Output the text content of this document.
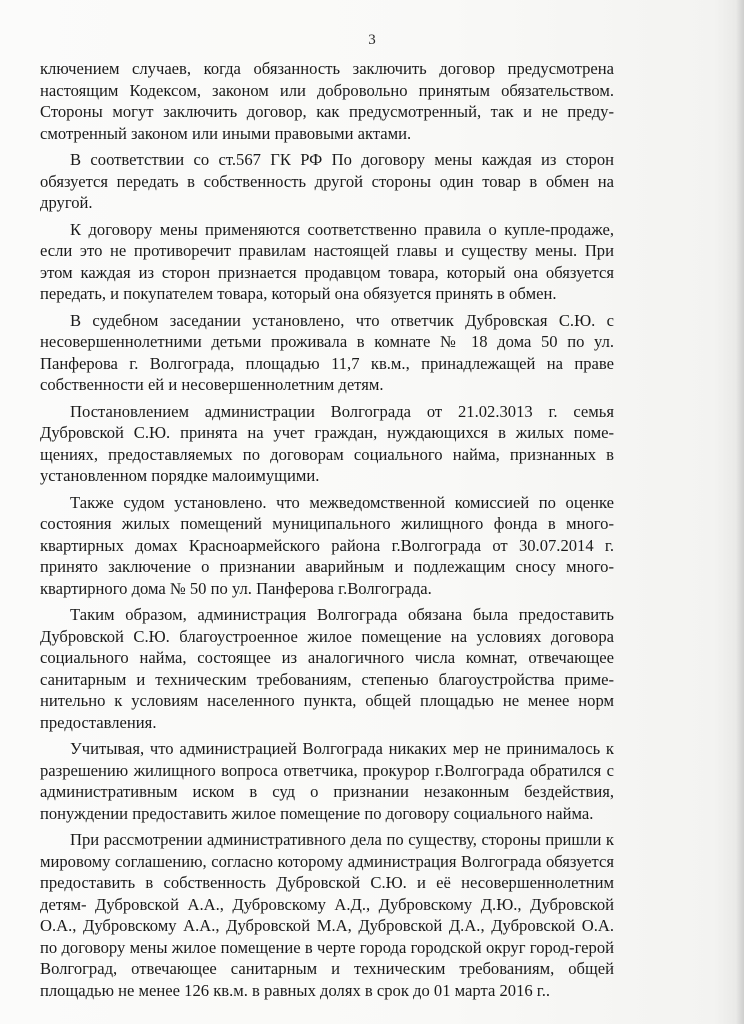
3

ключением случаев, когда обязанность заключить договор предусмотрена настоящим Кодексом, законом или добровольно принятым обязательством. Стороны могут заключить договор, как предусмотренный, так и не предусмотренный законом или иными правовыми актами.

В соответствии со ст.567 ГК РФ По договору мены каждая из сторон обязуется передать в собственность другой стороны один товар в обмен на другой.

К договору мены применяются соответственно правила о купле-продаже, если это не противоречит правилам настоящей главы и существу мены. При этом каждая из сторон признается продавцом товара, который она обязуется передать, и покупателем товара, который она обязуется принять в обмен.

В судебном заседании установлено, что ответчик Дубровская С.Ю. с несовершеннолетними детьми проживала в комнате № 18 дома 50 по ул. Панферова г. Волгограда, площадью 11,7 кв.м., принадлежащей на праве собственности ей и несовершеннолетним детям.

Постановлением администрации Волгограда от 21.02.3013 г. семья Дубровской С.Ю. принята на учет граждан, нуждающихся в жилых помещениях, предоставляемых по договорам социального найма, признанных в установленном порядке малоимущими.

Также судом установлено. что межведомственной комиссией по оценке состояния жилых помещений муниципального жилищного фонда в многоквартирных домах Красноармейского района г.Волгограда от 30.07.2014 г. принято заключение о признании аварийным и подлежащим сносу многоквартирного дома № 50 по ул. Панферова г.Волгограда.

Таким образом, администрация Волгограда обязана была предоставить Дубровской С.Ю. благоустроенное жилое помещение на условиях договора социального найма, состоящее из аналогичного числа комнат, отвечающее санитарным и техническим требованиям, степенью благоустройства применительно к условиям населенного пункта, общей площадью не менее норм предоставления.

Учитывая, что администрацией Волгограда никаких мер не принималось к разрешению жилищного вопроса ответчика, прокурор г.Волгограда обратился с административным иском в суд о признании незаконным бездействия, понуждении предоставить жилое помещение по договору социального найма.

При рассмотрении административного дела по существу, стороны пришли к мировому соглашению, согласно которому администрация Волгограда обязуется предоставить в собственность Дубровской С.Ю. и её несовершеннолетним детям- Дубровской А.А., Дубровскому А.Д., Дубровскому Д.Ю., Дубровской О.А., Дубровскому А.А., Дубровской М.А, Дубровской Д.А., Дубровской О.А. по договору мены жилое помещение в черте города городской округ город-герой Волгоград, отвечающее санитарным и техническим требованиям, общей площадью не менее 126 кв.м. в равных долях в срок до 01 марта 2016 г..
